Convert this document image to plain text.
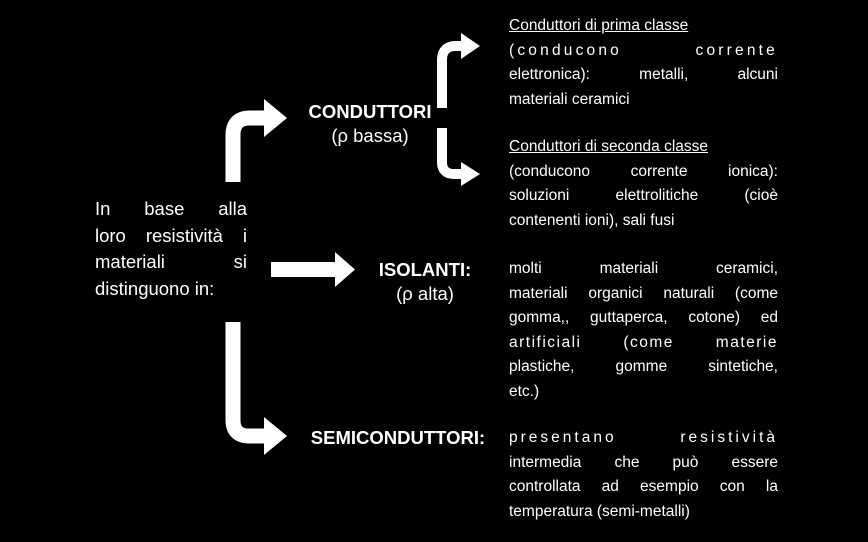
In base alla
loro resistività i
materiali si
distinguono in:
CONDUTTORI
(ρ bassa)
ISOLANTI:
(ρ alta)
SEMICONDUTTORI:
Conduttori di prima classe
(conducono corrente
elettronica): metalli, alcuni
materiali ceramici
Conduttori di seconda classe
(conducono corrente ionica):
soluzioni elettrolitiche (cioè
contenenti ioni), sali fusi
molti materiali ceramici,
materiali organici naturali (come
gomma,, guttaperca, cotone) ed
artificiali (come materie
plastiche, gomme sintetiche,
etc.)
presentano resistività
intermedia che può essere
controllata ad esempio con la
temperatura (semi-metalli)
